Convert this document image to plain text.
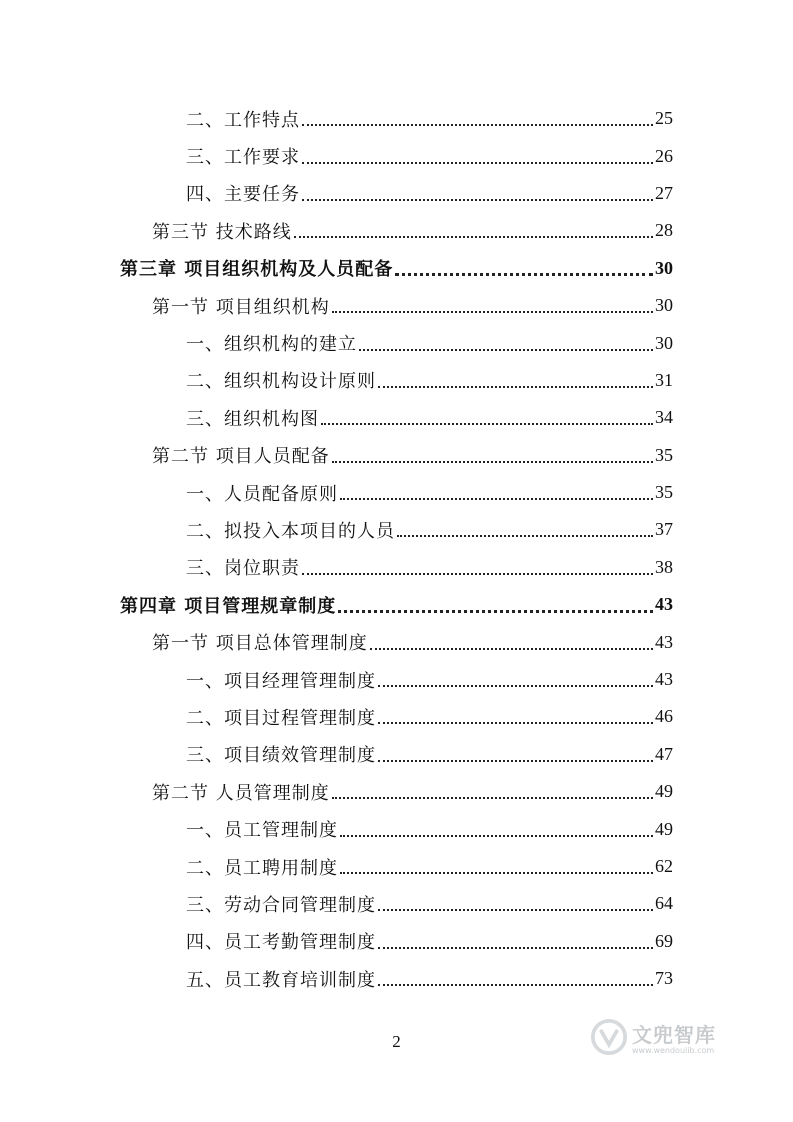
二、工作特点	25
三、工作要求	26
四、主要任务	27
第三节 技术路线	28
第三章 项目组织机构及人员配备	30
第一节 项目组织机构	30
一、组织机构的建立	30
二、组织机构设计原则	31
三、组织机构图	34
第二节 项目人员配备	35
一、人员配备原则	35
二、拟投入本项目的人员	37
三、岗位职责	38
第四章 项目管理规章制度	43
第一节 项目总体管理制度	43
一、项目经理管理制度	43
二、项目过程管理制度	46
三、项目绩效管理制度	47
第二节 人员管理制度	49
一、员工管理制度	49
二、员工聘用制度	62
三、劳动合同管理制度	64
四、员工考勤管理制度	69
五、员工教育培训制度	73
2	文兜智库
www.wendoulib.com
